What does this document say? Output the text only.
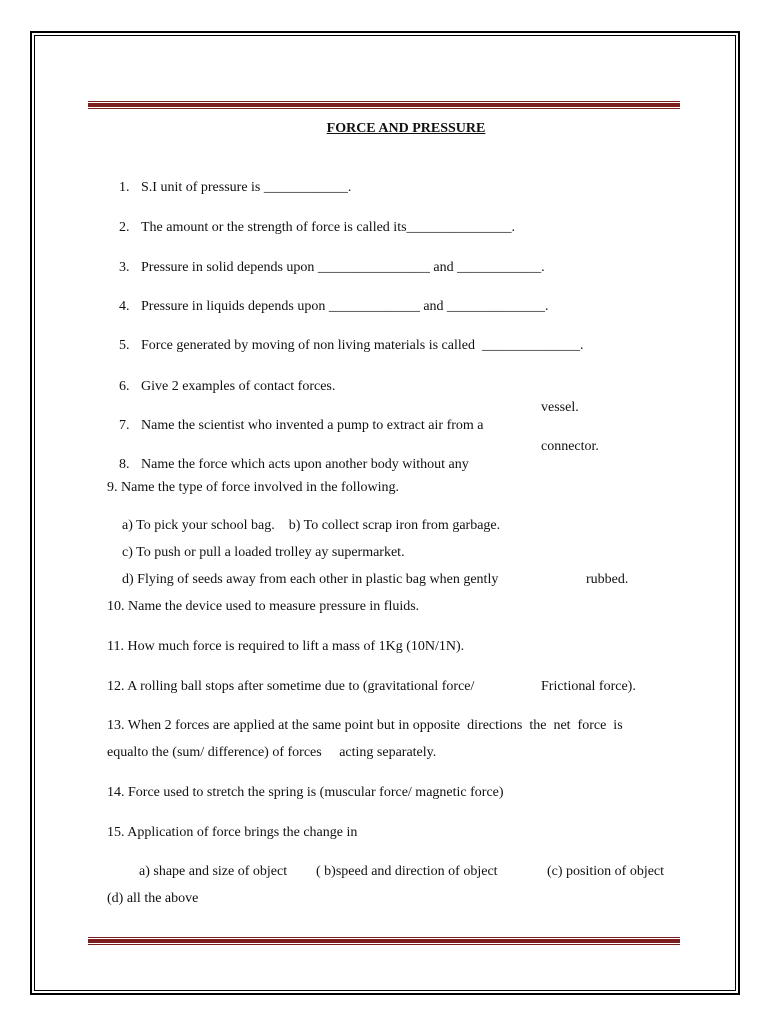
FORCE AND PRESSURE

1. S.I unit of pressure is ____________.

2. The amount or the strength of force is called its_______________.

3. Pressure in solid depends upon ________________ and ____________.

4. Pressure in liquids depends upon _____________ and ______________.

5. Force generated by moving of non living materials is called  ______________.

6. Give 2 examples of contact forces.

7. Name the scientist who invented a pump to extract air from a

vessel.

8. Name the force which acts upon another body without any

connector.
9. Name the type of force involved in the following.
a) To pick your school bag.    b) To collect scrap iron from garbage.
c) To push or pull a loaded trolley ay supermarket.
d) Flying of seeds away from each other in plastic bag when gently	rubbed.
10. Name the device used to measure pressure in fluids.
11. How much force is required to lift a mass of 1Kg (10N/1N).
12. A rolling ball stops after sometime due to (gravitational force/	Frictional force).
13. When 2 forces are applied at the same point but in opposite  directions  the  net  force  is
equalto the (sum/ difference) of forces     acting separately.
14. Force used to stretch the spring is (muscular force/ magnetic force)
15. Application of force brings the change in
a) shape and size of object ( b)speed and direction of object	(c) position of object
(d) all the above
